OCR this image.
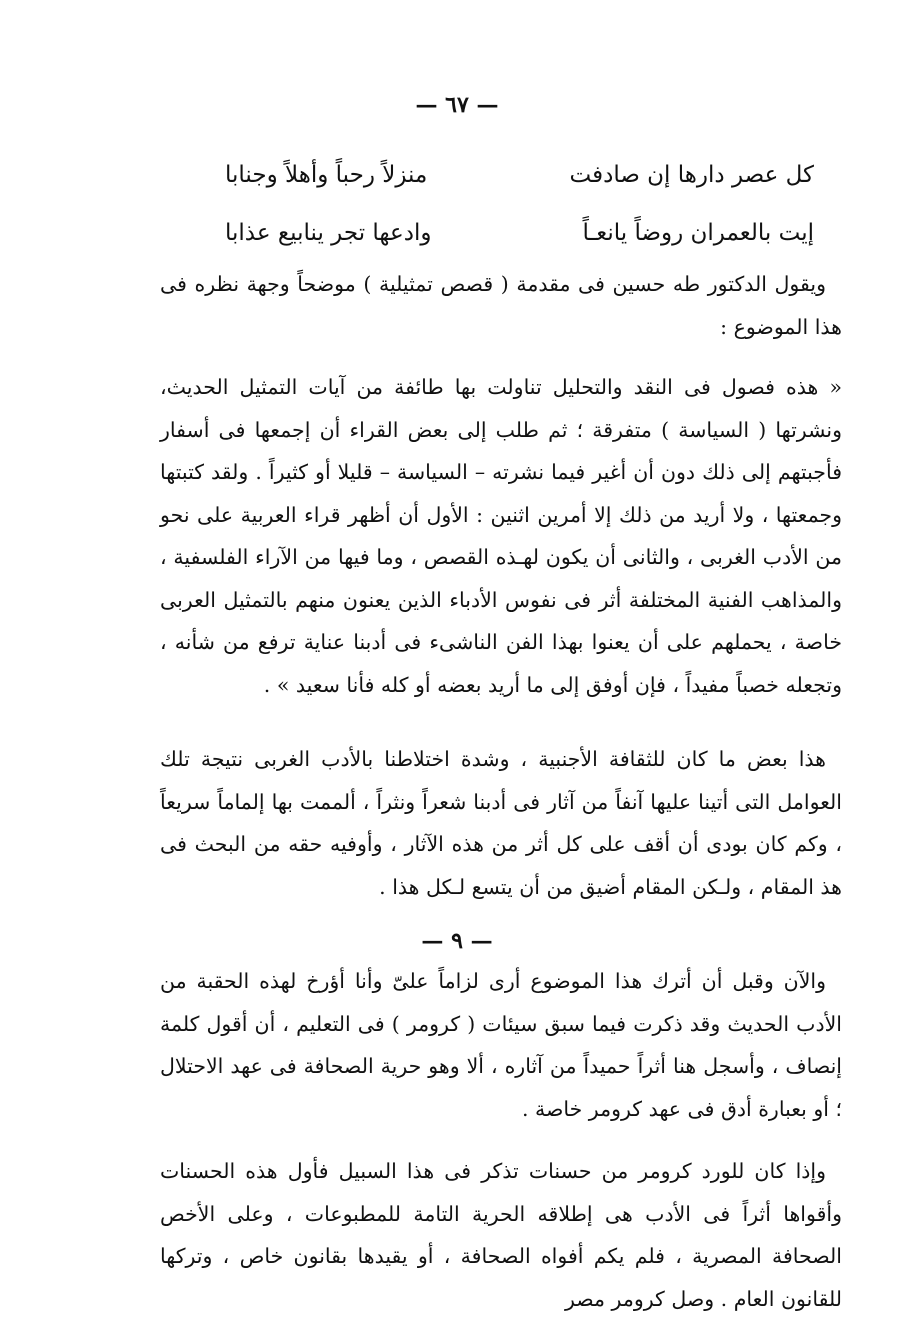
— ٦٧ —
كل عصر دارها إن صادفت
منزلاً رحباً وأهلاً وجنابا
إيت بالعمران روضاً يانعـاً
وادعها تجر ينابيع عذابا

ويقول الدكتور طه حسين فى مقدمة ( قصص تمثيلية ) موضحاً وجهة نظره فى هذا الموضوع :

« هذه فصول فى النقد والتحليل تناولت بها طائفة من آيات التمثيل الحديث، ونشرتها ( السياسة ) متفرقة ؛ ثم طلب إلى بعض القراء أن إجمعها فى أسفار فأجبتهم إلى ذلك دون أن أغير فيما نشرته – السياسة – قليلا أو كثيراً . ولقد كتبتها وجمعتها ، ولا أريد من ذلك إلا أمرين اثنين : الأول أن أظهر قراء العربية على نحو من الأدب الغربى ، والثانى أن يكون لهـذه القصص ، وما فيها من الآراء الفلسفية ، والمذاهب الفنية المختلفة أثر فى نفوس الأدباء الذين يعنون منهم بالتمثيل العربى خاصة ، يحملهم على أن يعنوا بهذا الفن الناشىء فى أدبنا عناية ترفع من شأنه ، وتجعله خصباً مفيداً ، فإن أوفق إلى ما أريد بعضه أو كله فأنا سعيد » .

هذا بعض ما كان للثقافة الأجنبية ، وشدة اختلاطنا بالأدب الغربى نتيجة تلك العوامل التى أتينا عليها آنفاً من آثار فى أدبنا شعراً ونثراً ، ألممت بها إلماماً سريعاً ، وكم كان بودى أن أقف على كل أثر من هذه الآثار ، وأوفيه حقه من البحث فى هذ المقام ، ولـكن المقام أضيق من أن يتسع لـكل هذا .

— ٩ —

والآن وقبل أن أترك هذا الموضوع أرى لزاماً علىّ وأنا أؤرخ لهذه الحقبة من الأدب الحديث وقد ذكرت فيما سبق سيئات ( كرومر ) فى التعليم ، أن أقول كلمة إنصاف ، وأسجل هنا أثراً حميداً من آثاره ، ألا وهو حرية الصحافة فى عهد الاحتلال ؛ أو بعبارة أدق فى عهد كرومر خاصة .

وإذا كان للورد كرومر من حسنات تذكر فى هذا السبيل فأول هذه الحسنات وأقواها أثراً فى الأدب هى إطلاقه الحرية التامة للمطبوعات ، وعلى الأخص الصحافة المصرية ، فلم يكم أفواه الصحافة ، أو يقيدها بقانون خاص ، وتركها للقانون العام . وصل كرومر مصر
